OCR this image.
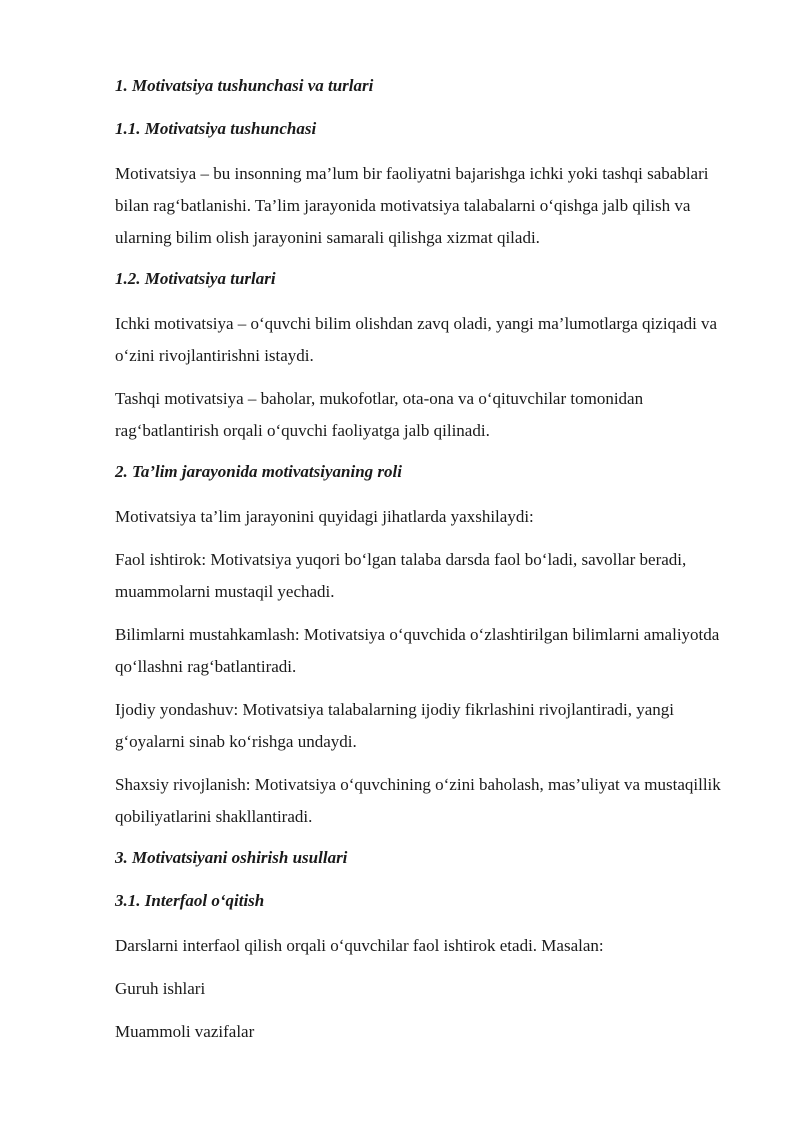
1. Motivatsiya tushunchasi va turlari
1.1. Motivatsiya tushunchasi
Motivatsiya – bu insonning ma’lum bir faoliyatni bajarishga ichki yoki tashqi sabablari bilan rag‘batlanishi. Ta’lim jarayonida motivatsiya talabalarni o‘qishga jalb qilish va ularning bilim olish jarayonini samarali qilishga xizmat qiladi.
1.2. Motivatsiya turlari
Ichki motivatsiya – o‘quvchi bilim olishdan zavq oladi, yangi ma’lumotlarga qiziqadi va o‘zini rivojlantirishni istaydi.
Tashqi motivatsiya – baholar, mukofotlar, ota-ona va o‘qituvchilar tomonidan rag‘batlantirish orqali o‘quvchi faoliyatga jalb qilinadi.
2. Ta’lim jarayonida motivatsiyaning roli
Motivatsiya ta’lim jarayonini quyidagi jihatlarda yaxshilaydi:
Faol ishtirok: Motivatsiya yuqori bo‘lgan talaba darsda faol bo‘ladi, savollar beradi, muammolarni mustaqil yechadi.
Bilimlarni mustahkamlash: Motivatsiya o‘quvchida o‘zlashtirilgan bilimlarni amaliyotda qo‘llashni rag‘batlantiradi.
Ijodiy yondashuv: Motivatsiya talabalarning ijodiy fikrlashini rivojlantiradi, yangi g‘oyalarni sinab ko‘rishga undaydi.
Shaxsiy rivojlanish: Motivatsiya o‘quvchining o‘zini baholash, mas’uliyat va mustaqillik qobiliyatlarini shakllantiradi.
3. Motivatsiyani oshirish usullari
3.1. Interfaol o‘qitish
Darslarni interfaol qilish orqali o‘quvchilar faol ishtirok etadi. Masalan:
Guruh ishlari
Muammoli vazifalar
